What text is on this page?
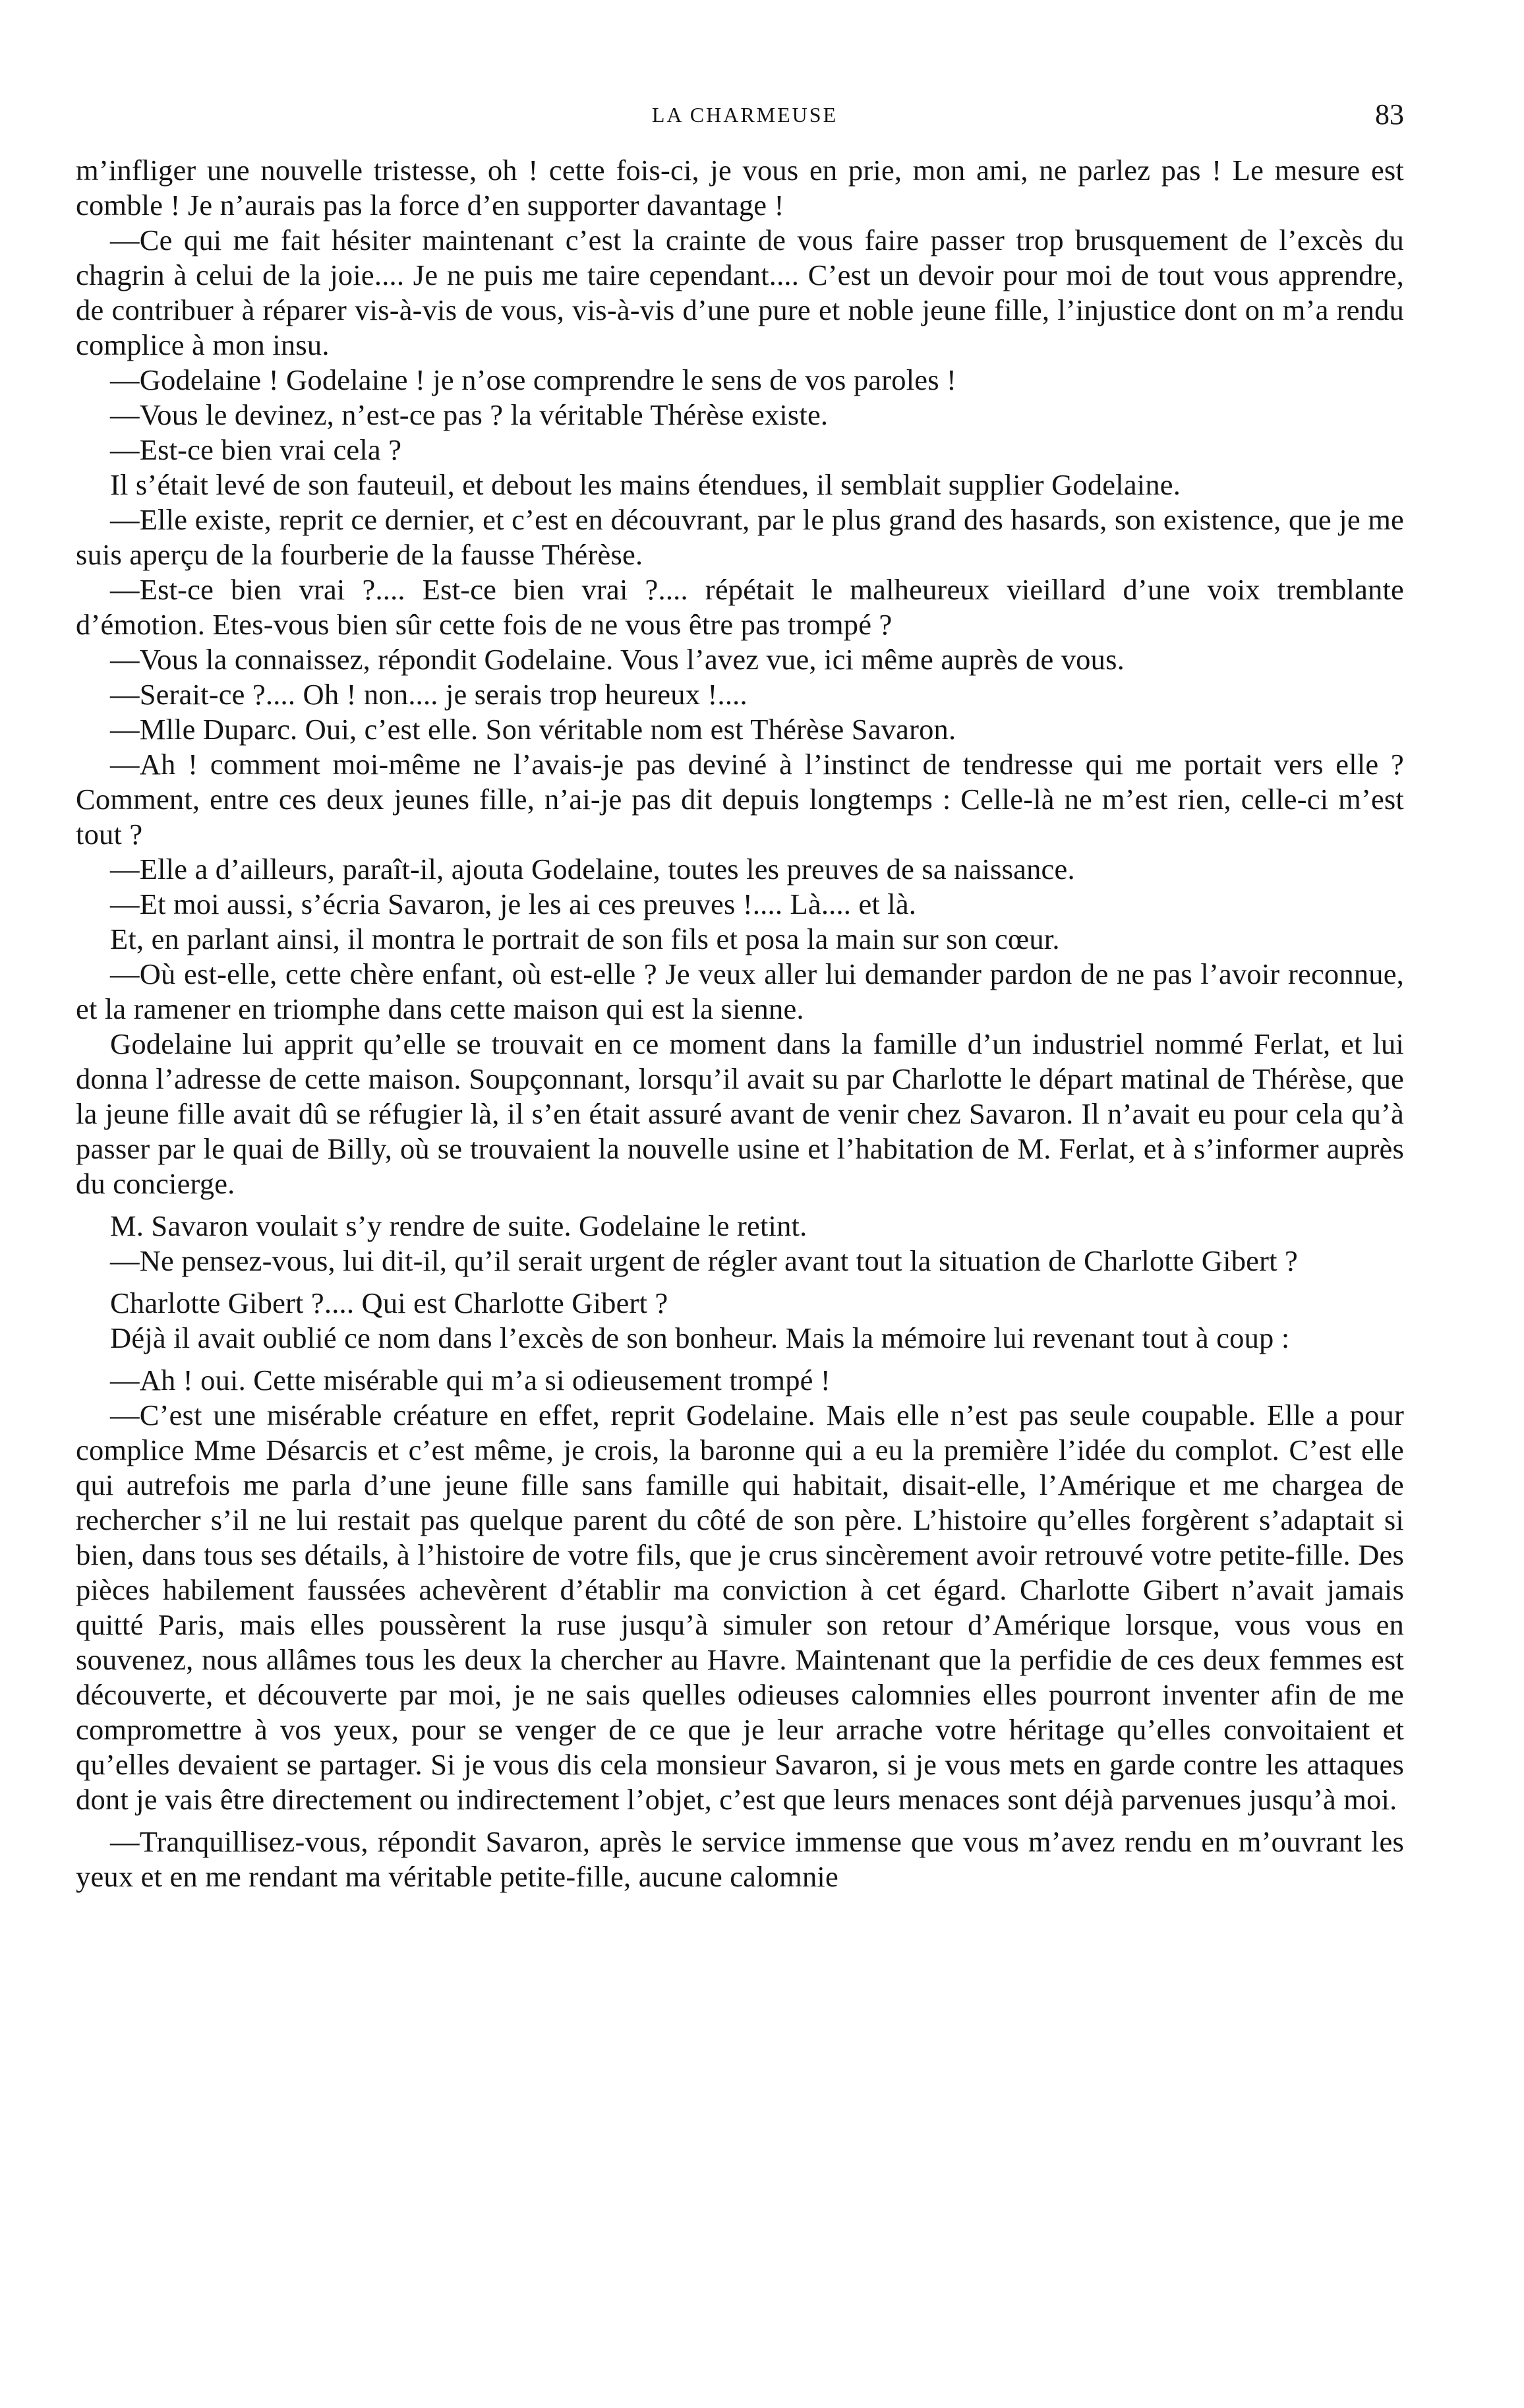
LA CHARMEUSE	83

m’infliger une nouvelle tristesse, oh ! cette fois-ci, je vous en prie, mon ami, ne parlez pas ! Le mesure est comble ! Je n’aurais pas la force d’en supporter davantage !

—Ce qui me fait hésiter maintenant c’est la crainte de vous faire passer trop brusquement de l’excès du chagrin à celui de la joie.... Je ne puis me taire cependant.... C’est un devoir pour moi de tout vous apprendre, de contribuer à réparer vis-à-vis de vous, vis-à-vis d’une pure et noble jeune fille, l’injustice dont on m’a rendu complice à mon insu.

—Godelaine ! Godelaine ! je n’ose comprendre le sens de vos paroles !

—Vous le devinez, n’est-ce pas ? la véritable Thérèse existe.

—Est-ce bien vrai cela ?

Il s’était levé de son fauteuil, et debout les mains étendues, il semblait supplier Godelaine.

—Elle existe, reprit ce dernier, et c’est en découvrant, par le plus grand des hasards, son existence, que je me suis aperçu de la fourberie de la fausse Thérèse.

—Est-ce bien vrai ?.... Est-ce bien vrai ?.... répétait le malheureux vieillard d’une voix tremblante d’émotion. Etes-vous bien sûr cette fois de ne vous être pas trompé ?

—Vous la connaissez, répondit Godelaine. Vous l’avez vue, ici même auprès de vous.

—Serait-ce ?.... Oh ! non.... je serais trop heureux !....

—Mlle Duparc. Oui, c’est elle. Son véritable nom est Thérèse Savaron.

—Ah ! comment moi-même ne l’avais-je pas deviné à l’instinct de tendresse qui me portait vers elle ? Comment, entre ces deux jeunes fille, n’ai-je pas dit depuis longtemps : Celle-là ne m’est rien, celle-ci m’est tout ?

—Elle a d’ailleurs, paraît-il, ajouta Godelaine, toutes les preuves de sa naissance.

—Et moi aussi, s’écria Savaron, je les ai ces preuves !.... Là.... et là.

Et, en parlant ainsi, il montra le portrait de son fils et posa la main sur son cœur.

—Où est-elle, cette chère enfant, où est-elle ? Je veux aller lui demander pardon de ne pas l’avoir reconnue, et la ramener en triomphe dans cette maison qui est la sienne.

Godelaine lui apprit qu’elle se trouvait en ce moment dans la famille d’un industriel nommé Ferlat, et lui donna l’adresse de cette maison. Soupçonnant, lorsqu’il avait su par Charlotte le départ matinal de Thérèse, que la jeune fille avait dû se réfugier là, il s’en était assuré avant de venir chez Savaron. Il n’avait eu pour cela qu’à passer par le quai de Billy, où se trouvaient la nouvelle usine et l’habitation de M. Ferlat, et à s’informer auprès du concierge.

M. Savaron voulait s’y rendre de suite. Godelaine le retint.

—Ne pensez-vous, lui dit-il, qu’il serait urgent de régler avant tout la situation de Charlotte Gibert ?

Charlotte Gibert ?.... Qui est Charlotte Gibert ?

Déjà il avait oublié ce nom dans l’excès de son bonheur. Mais la mémoire lui revenant tout à coup :

—Ah ! oui. Cette misérable qui m’a si odieusement trompé !

—C’est une misérable créature en effet, reprit Godelaine. Mais elle n’est pas seule coupable. Elle a pour complice Mme Désarcis et c’est même, je crois, la baronne qui a eu la première l’idée du complot. C’est elle qui autrefois me parla d’une jeune fille sans famille qui habitait, disait-elle, l’Amérique et me chargea de rechercher s’il ne lui restait pas quelque parent du côté de son père. L’histoire qu’elles forgèrent s’adaptait si bien, dans tous ses détails, à l’histoire de votre fils, que je crus sincèrement avoir retrouvé votre petite-fille. Des pièces habilement faussées achevèrent d’établir ma conviction à cet égard. Charlotte Gibert n’avait jamais quitté Paris, mais elles poussèrent la ruse jusqu’à simuler son retour d’Amérique lorsque, vous vous en souvenez, nous allâmes tous les deux la chercher au Havre. Maintenant que la perfidie de ces deux femmes est découverte, et découverte par moi, je ne sais quelles odieuses calomnies elles pourront inventer afin de me compromettre à vos yeux, pour se venger de ce que je leur arrache votre héritage qu’elles convoitaient et qu’elles devaient se partager. Si je vous dis cela monsieur Savaron, si je vous mets en garde contre les attaques dont je vais être directement ou indirectement l’objet, c’est que leurs menaces sont déjà parvenues jusqu’à moi.

—Tranquillisez-vous, répondit Savaron, après le service immense que vous m’avez rendu en m’ouvrant les yeux et en me rendant ma véritable petite-fille, aucune calomnie
